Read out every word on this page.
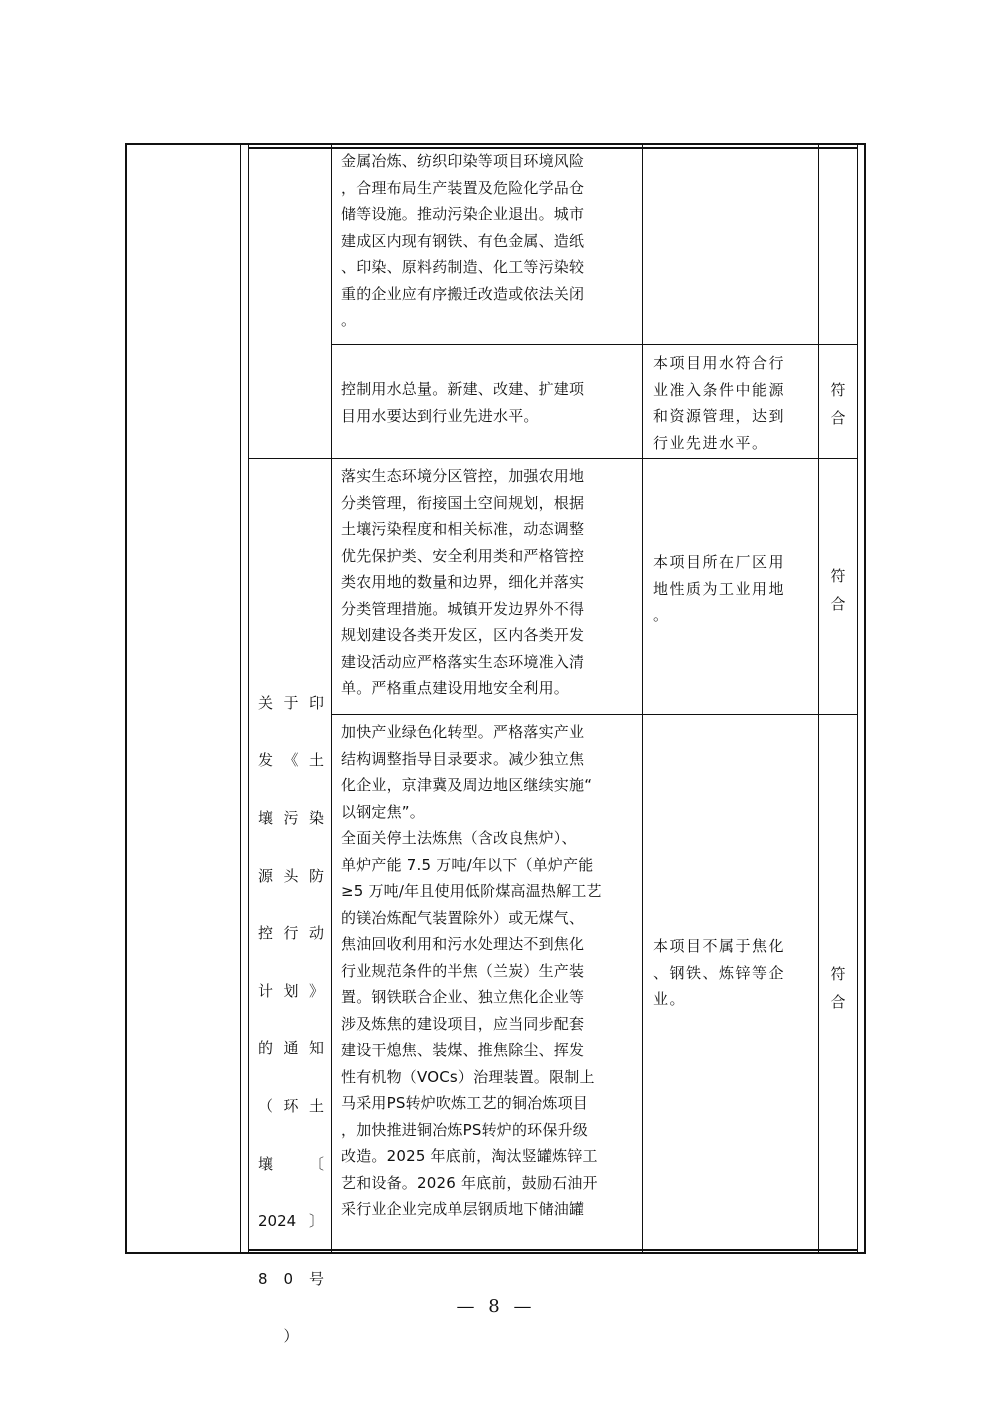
金属冶炼、纺织印染等项目环境风险
，合理布局生产装置及危险化学品仓
储等设施。推动污染企业退出。城市
建成区内现有钢铁、有色金属、造纸
、印染、原料药制造、化工等污染较
重的企业应有序搬迁改造或依法关闭
。
控制用水总量。新建、改建、扩建项
目用水要达到行业先进水平。
本项目用水符合行
业准入条件中能源
和资源管理，达到
行业先进水平。
符
合
落实生态环境分区管控，加强农用地
分类管理，衔接国土空间规划，根据
土壤污染程度和相关标准，动态调整
优先保护类、安全利用类和严格管控
类农用地的数量和边界，细化并落实
分类管理措施。城镇开发边界外不得
规划建设各类开发区，区内各类开发
建设活动应严格落实生态环境准入清
单。严格重点建设用地安全利用。
本项目所在厂区用
地性质为工业用地
。
符
合
加快产业绿色化转型。严格落实产业
结构调整指导目录要求。减少独立焦
化企业，京津冀及周边地区继续实施“
以钢定焦”。
全面关停土法炼焦（含改良焦炉）、
单炉产能 7.5 万吨/年以下（单炉产能
≥5 万吨/年且使用低阶煤高温热解工艺
的镁冶炼配气装置除外）或无煤气、
焦油回收利用和污水处理达不到焦化
行业规范条件的半焦（兰炭）生产装
置。钢铁联合企业、独立焦化企业等
涉及炼焦的建设项目，应当同步配套
建设干熄焦、装煤、推焦除尘、挥发
性有机物（VOCs）治理装置。限制上
马采用PS转炉吹炼工艺的铜冶炼项目
，加快推进铜冶炼PS转炉的环保升级
改造。2025 年底前，淘汰竖罐炼锌工
艺和设备。2026 年底前，鼓励石油开
采行业企业完成单层钢质地下储油罐
本项目不属于焦化
、钢铁、炼锌等企
业。
符
合

关 于 印

发 《 土

壤 污 染

源 头 防

控 行 动

计 划 》

的 通 知

（ 环 土

壤 〔

2024 〕

8 0 号

）

— 8 —
